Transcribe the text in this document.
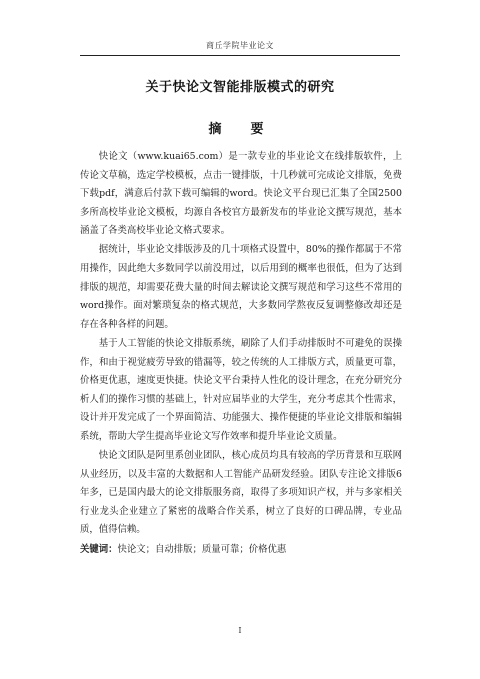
商丘学院毕业论文
关于快论文智能排版模式的研究
摘　要

快论文（www.kuai65.com）是一款专业的毕业论文在线排版软件，上传论文草稿，选定学校模板，点击一键排版，十几秒就可完成论文排版，免费下载pdf，满意后付款下载可编辑的word。快论文平台现已汇集了全国2500多所高校毕业论文模板，均源自各校官方最新发布的毕业论文撰写规范，基本涵盖了各类高校毕业论文格式要求。

据统计，毕业论文排版涉及的几十项格式设置中，80%的操作都属于不常用操作，因此绝大多数同学以前没用过，以后用到的概率也很低，但为了达到排版的规范，却需要花费大量的时间去解读论文撰写规范和学习这些不常用的word操作。面对繁琐复杂的格式规范，大多数同学熬夜反复调整修改却还是存在各种各样的问题。

基于人工智能的快论文排版系统，刷除了人们手动排版时不可避免的误操作，和由于视觉疲劳导致的错漏等，较之传统的人工排版方式，质量更可靠，价格更优惠，速度更快捷。快论文平台秉持人性化的设计理念，在充分研究分析人们的操作习惯的基础上，针对应届毕业的大学生，充分考虑其个性需求，设计并开发完成了一个界面简洁、功能强大、操作便捷的毕业论文排版和编辑系统，帮助大学生提高毕业论文写作效率和提升毕业论文质量。

快论文团队是阿里系创业团队，核心成员均具有较高的学历背景和互联网从业经历，以及丰富的大数据和人工智能产品研发经验。团队专注论文排版6年多，已是国内最大的论文排版服务商，取得了多项知识产权，并与多家相关行业龙头企业建立了紧密的战略合作关系，树立了良好的口碑品牌，专业品质，值得信赖。

关键词：快论文；自动排版；质量可靠；价格优惠
I
